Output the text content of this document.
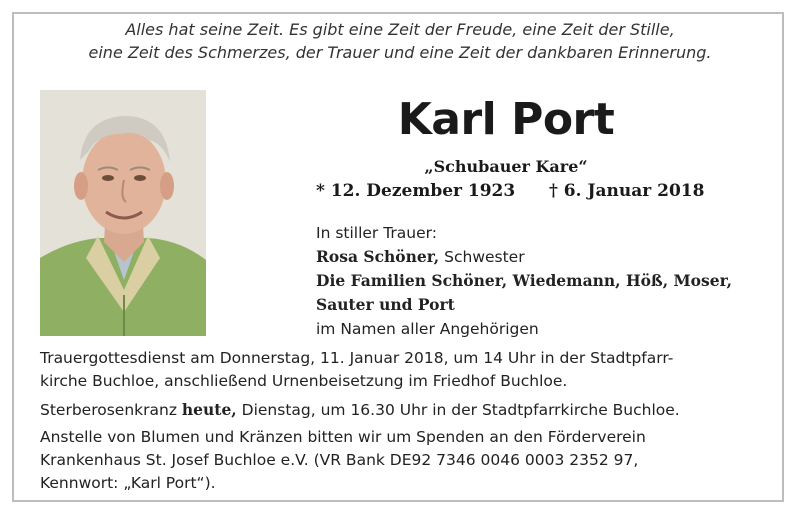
Alles hat seine Zeit. Es gibt eine Zeit der Freude, eine Zeit der Stille,
eine Zeit des Schmerzes, der Trauer und eine Zeit der dankbaren Erinnerung.
Karl Port
„Schubauer Kare“
* 12. Dezember 1923 † 6. Januar 2018
In stiller Trauer:
Rosa Schöner, Schwester
Die Familien Schöner, Wiedemann, Höß, Moser,
Sauter und Port
im Namen aller Angehörigen
Trauergottesdienst am Donnerstag, 11. Januar 2018, um 14 Uhr in der Stadtpfarr-
kirche Buchloe, anschließend Urnenbeisetzung im Friedhof Buchloe.
Sterberosenkranz heute, Dienstag, um 16.30 Uhr in der Stadtpfarrkirche Buchloe.
Anstelle von Blumen und Kränzen bitten wir um Spenden an den Förderverein
Krankenhaus St. Josef Buchloe e.V. (VR Bank DE92 7346 0046 0003 2352 97,
Kennwort: „Karl Port“).
